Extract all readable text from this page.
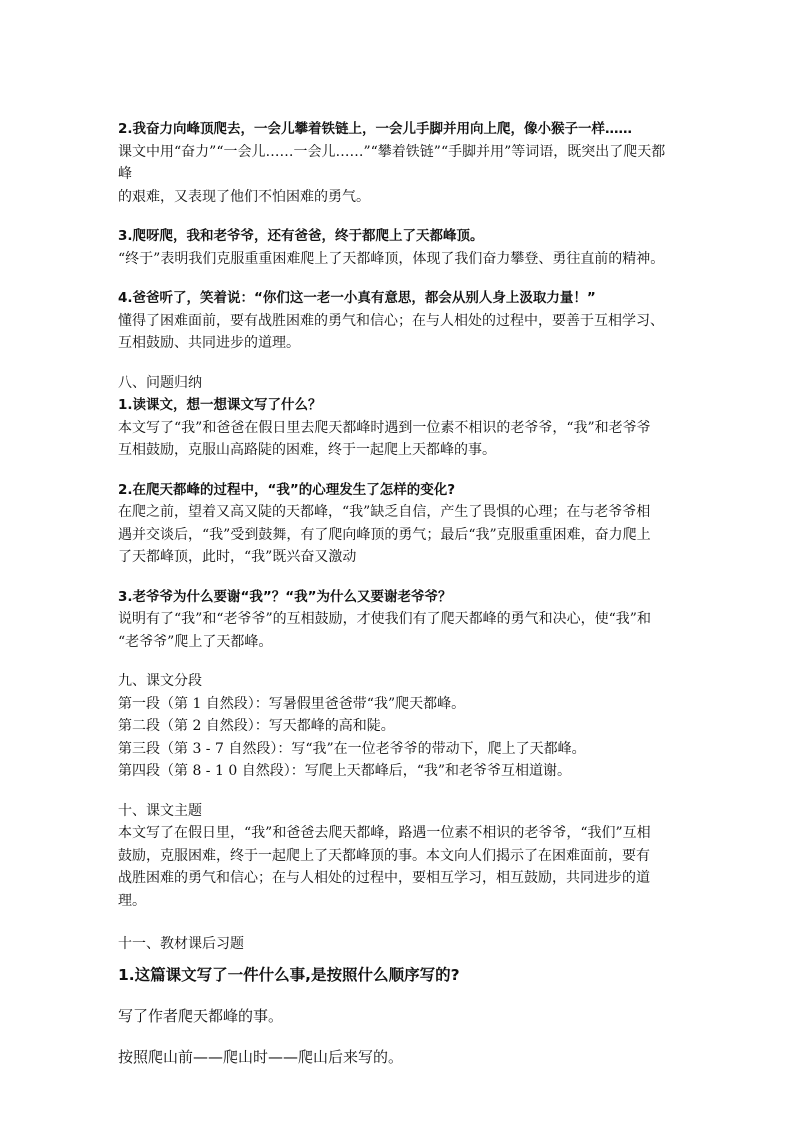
2.我奋力向峰顶爬去，一会儿攀着铁链上，一会儿手脚并用向上爬，像小猴子一样……

课文中用“奋力”“一会儿……一会儿……”“攀着铁链”“手脚并用”等词语，既突出了爬天都峰

的艰难，又表现了他们不怕困难的勇气。

3.爬呀爬，我和老爷爷，还有爸爸，终于都爬上了天都峰顶。

“终于”表明我们克服重重困难爬上了天都峰顶，体现了我们奋力攀登、勇往直前的精神。

4.爸爸听了，笑着说：“你们这一老一小真有意思，都会从别人身上汲取力量！”

懂得了困难面前，要有战胜困难的勇气和信心；在与人相处的过程中，要善于互相学习、

互相鼓励、共同进步的道理。

八、问题归纳

1.读课文，想一想课文写了什么？

本文写了“我”和爸爸在假日里去爬天都峰时遇到一位素不相识的老爷爷，“我”和老爷爷

互相鼓励，克服山高路陡的困难，终于一起爬上天都峰的事。

2.在爬天都峰的过程中，“我”的心理发生了怎样的变化?

在爬之前，望着又高又陡的天都峰，“我”缺乏自信，产生了畏惧的心理；在与老爷爷相

遇并交谈后，“我”受到鼓舞，有了爬向峰顶的勇气；最后“我”克服重重困难，奋力爬上

了天都峰顶，此时，“我”既兴奋又激动

3.老爷爷为什么要谢“我”？“我”为什么又要谢老爷爷？

说明有了“我”和“老爷爷”的互相鼓励，才使我们有了爬天都峰的勇气和决心，使“我”和

“老爷爷”爬上了天都峰。

九、课文分段

第一段（第 1 自然段）：写暑假里爸爸带“我”爬天都峰。

第二段（第 2 自然段）：写天都峰的高和陡。

第三段（第 3 - 7 自然段）：写“我”在一位老爷爷的带动下，爬上了天都峰。

第四段（第 8 - 1 0 自然段）：写爬上天都峰后，“我”和老爷爷互相道谢。

十、课文主题

本文写了在假日里，“我”和爸爸去爬天都峰，路遇一位素不相识的老爷爷，“我们”互相

鼓励，克服困难，终于一起爬上了天都峰顶的事。本文向人们揭示了在困难面前，要有

战胜困难的勇气和信心；在与人相处的过程中，要相互学习，相互鼓励，共同进步的道

理。

十一、教材课后习题

1.这篇课文写了一件什么事,是按照什么顺序写的?

写了作者爬天都峰的事。

按照爬山前——爬山时——爬山后来写的。
